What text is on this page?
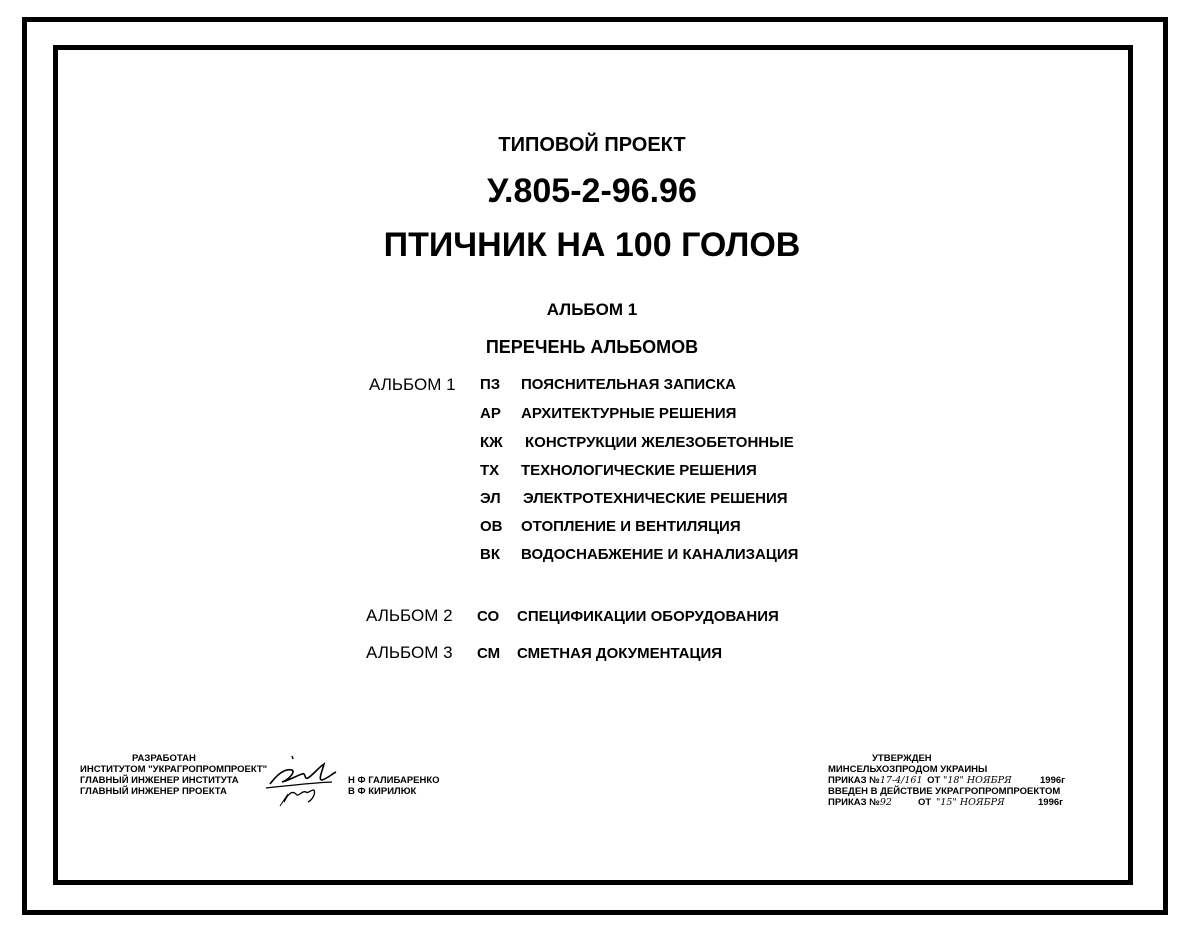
ТИПОВОЙ ПРОЕКТ
У.805-2-96.96
ПТИЧНИК НА 100 ГОЛОВ
АЛЬБОМ 1
ПЕРЕЧЕНЬ АЛЬБОМОВ
АЛЬБОМ 1 ПЗ ПОЯСНИТЕЛЬНАЯ ЗАПИСКА
АР АРХИТЕКТУРНЫЕ РЕШЕНИЯ
КЖ КОНСТРУКЦИИ ЖЕЛЕЗОБЕТОННЫЕ
ТХ ТЕХНОЛОГИЧЕСКИЕ РЕШЕНИЯ
ЭЛ ЭЛЕКТРОТЕХНИЧЕСКИЕ РЕШЕНИЯ
ОВ ОТОПЛЕНИЕ И ВЕНТИЛЯЦИЯ
ВК ВОДОСНАБЖЕНИЕ И КАНАЛИЗАЦИЯ
АЛЬБОМ 2 СО СПЕЦИФИКАЦИИ ОБОРУДОВАНИЯ
АЛЬБОМ 3 СМ СМЕТНАЯ ДОКУМЕНТАЦИЯ
РАЗРАБОТАН
ИНСТИТУТОМ "УКРАГРОПРОМПРОЕКТ"
ГЛАВНЫЙ ИНЖЕНЕР ИНСТИТУТА
ГЛАВНЫЙ ИНЖЕНЕР ПРОЕКТА
Н Ф ГАЛИБАРЕНКО
В Ф КИРИЛЮК
УТВЕРЖДЕН
МИНСЕЛЬХОЗПРОДОМ УКРАИНЫ
ПРИКАЗ №17-4/161 ОТ "18" НОЯБРЯ	1996г
ВВЕДЕН В ДЕЙСТВИЕ УКРАГРОПРОМПРОЕКТОМ
ПРИКАЗ №92	ОТ "15" НОЯБРЯ	1996г
